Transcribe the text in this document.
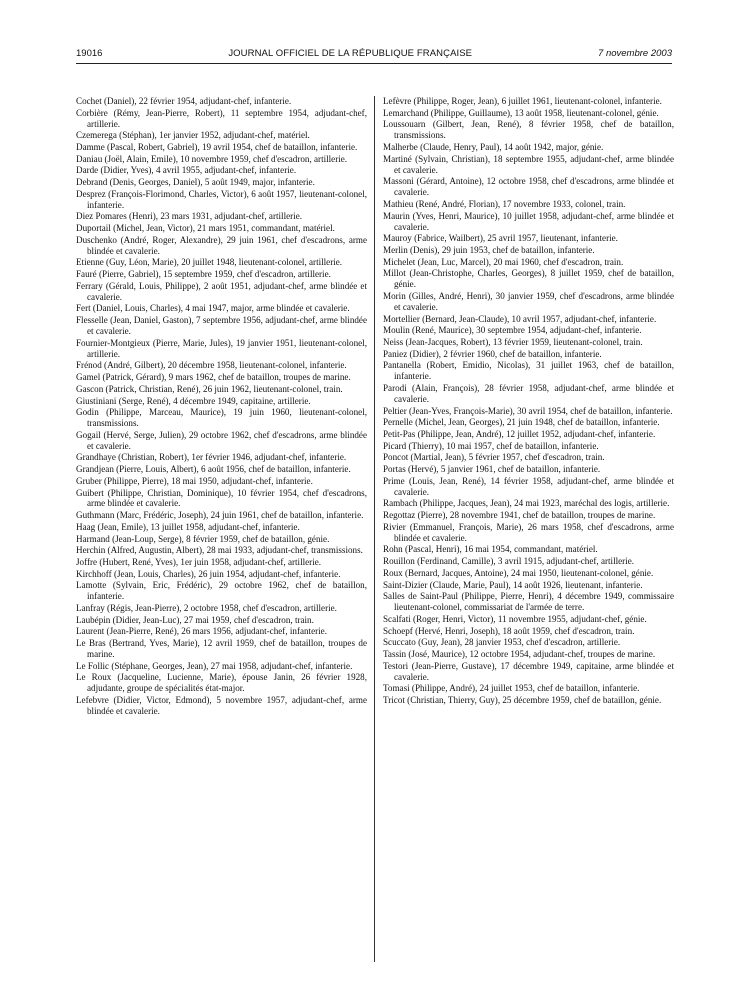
19016	JOURNAL OFFICIEL DE LA RÉPUBLIQUE FRANÇAISE	7 novembre 2003
Cochet (Daniel), 22 février 1954, adjudant-chef, infanterie.
Corbière (Rémy, Jean-Pierre, Robert), 11 septembre 1954, adjudant-chef, artillerie.
Czemerega (Stéphan), 1er janvier 1952, adjudant-chef, matériel.
Damme (Pascal, Robert, Gabriel), 19 avril 1954, chef de bataillon, infanterie.
Daniau (Joël, Alain, Emile), 10 novembre 1959, chef d'escadron, artillerie.
Darde (Didier, Yves), 4 avril 1955, adjudant-chef, infanterie.
Debrand (Denis, Georges, Daniel), 5 août 1949, major, infanterie.
Desprez (François-Florimond, Charles, Victor), 6 août 1957, lieutenant-colonel, infanterie.
Diez Pomares (Henri), 23 mars 1931, adjudant-chef, artillerie.
Duportail (Michel, Jean, Victor), 21 mars 1951, commandant, matériel.
Duschenko (André, Roger, Alexandre), 29 juin 1961, chef d'escadrons, arme blindée et cavalerie.
Etienne (Guy, Léon, Marie), 20 juillet 1948, lieutenant-colonel, artillerie.
Fauré (Pierre, Gabriel), 15 septembre 1959, chef d'escadron, artillerie.
Ferrary (Gérald, Louis, Philippe), 2 août 1951, adjudant-chef, arme blindée et cavalerie.
Fert (Daniel, Louis, Charles), 4 mai 1947, major, arme blindée et cavalerie.
Flesselle (Jean, Daniel, Gaston), 7 septembre 1956, adjudant-chef, arme blindée et cavalerie.
Fournier-Montgieux (Pierre, Marie, Jules), 19 janvier 1951, lieutenant-colonel, artillerie.
Frénod (André, Gilbert), 20 décembre 1958, lieutenant-colonel, infanterie.
Gamel (Patrick, Gérard), 9 mars 1962, chef de bataillon, troupes de marine.
Gascon (Patrick, Christian, René), 26 juin 1962, lieutenant-colonel, train.
Giustiniani (Serge, René), 4 décembre 1949, capitaine, artillerie.
Godin (Philippe, Marceau, Maurice), 19 juin 1960, lieutenant-colonel, transmissions.
Gogail (Hervé, Serge, Julien), 29 octobre 1962, chef d'escadrons, arme blindée et cavalerie.
Grandhaye (Christian, Robert), 1er février 1946, adjudant-chef, infanterie.
Grandjean (Pierre, Louis, Albert), 6 août 1956, chef de bataillon, infanterie.
Gruber (Philippe, Pierre), 18 mai 1950, adjudant-chef, infanterie.
Guibert (Philippe, Christian, Dominique), 10 février 1954, chef d'escadrons, arme blindée et cavalerie.
Guthmann (Marc, Frédéric, Joseph), 24 juin 1961, chef de bataillon, infanterie.
Haag (Jean, Emile), 13 juillet 1958, adjudant-chef, infanterie.
Harmand (Jean-Loup, Serge), 8 février 1959, chef de bataillon, génie.
Herchin (Alfred, Augustin, Albert), 28 mai 1933, adjudant-chef, transmissions.
Joffre (Hubert, René, Yves), 1er juin 1958, adjudant-chef, artillerie.
Kirchhoff (Jean, Louis, Charles), 26 juin 1954, adjudant-chef, infanterie.
Lamotte (Sylvain, Eric, Frédéric), 29 octobre 1962, chef de bataillon, infanterie.
Lanfray (Régis, Jean-Pierre), 2 octobre 1958, chef d'escadron, artillerie.
Laubépin (Didier, Jean-Luc), 27 mai 1959, chef d'escadron, train.
Laurent (Jean-Pierre, René), 26 mars 1956, adjudant-chef, infanterie.
Le Bras (Bertrand, Yves, Marie), 12 avril 1959, chef de bataillon, troupes de marine.
Le Follic (Stéphane, Georges, Jean), 27 mai 1958, adjudant-chef, infanterie.
Le Roux (Jacqueline, Lucienne, Marie), épouse Janin, 26 février 1928, adjudante, groupe de spécialités état-major.
Lefebvre (Didier, Victor, Edmond), 5 novembre 1957, adjudant-chef, arme blindée et cavalerie.
Lefèvre (Philippe, Roger, Jean), 6 juillet 1961, lieutenant-colonel, infanterie.
Lemarchand (Philippe, Guillaume), 13 août 1958, lieutenant-colonel, génie.
Loussouarn (Gilbert, Jean, René), 8 février 1958, chef de bataillon, transmissions.
Malherbe (Claude, Henry, Paul), 14 août 1942, major, génie.
Martiné (Sylvain, Christian), 18 septembre 1955, adjudant-chef, arme blindée et cavalerie.
Massoni (Gérard, Antoine), 12 octobre 1958, chef d'escadrons, arme blindée et cavalerie.
Mathieu (René, André, Florian), 17 novembre 1933, colonel, train.
Maurin (Yves, Henri, Maurice), 10 juillet 1958, adjudant-chef, arme blindée et cavalerie.
Mauroy (Fabrice, Wailbert), 25 avril 1957, lieutenant, infanterie.
Merlin (Denis), 29 juin 1953, chef de bataillon, infanterie.
Michelet (Jean, Luc, Marcel), 20 mai 1960, chef d'escadron, train.
Millot (Jean-Christophe, Charles, Georges), 8 juillet 1959, chef de bataillon, génie.
Morin (Gilles, André, Henri), 30 janvier 1959, chef d'escadrons, arme blindée et cavalerie.
Mortellier (Bernard, Jean-Claude), 10 avril 1957, adjudant-chef, infanterie.
Moulin (René, Maurice), 30 septembre 1954, adjudant-chef, infanterie.
Neiss (Jean-Jacques, Robert), 13 février 1959, lieutenant-colonel, train.
Paniez (Didier), 2 février 1960, chef de bataillon, infanterie.
Pantanella (Robert, Emidio, Nicolas), 31 juillet 1963, chef de bataillon, infanterie.
Parodi (Alain, François), 28 février 1958, adjudant-chef, arme blindée et cavalerie.
Peltier (Jean-Yves, François-Marie), 30 avril 1954, chef de bataillon, infanterie.
Pernelle (Michel, Jean, Georges), 21 juin 1948, chef de bataillon, infanterie.
Petit-Pas (Philippe, Jean, André), 12 juillet 1952, adjudant-chef, infanterie.
Picard (Thierry), 10 mai 1957, chef de bataillon, infanterie.
Poncot (Martial, Jean), 5 février 1957, chef d'escadron, train.
Portas (Hervé), 5 janvier 1961, chef de bataillon, infanterie.
Prime (Louis, Jean, René), 14 février 1958, adjudant-chef, arme blindée et cavalerie.
Rambach (Philippe, Jacques, Jean), 24 mai 1923, maréchal des logis, artillerie.
Regottaz (Pierre), 28 novembre 1941, chef de bataillon, troupes de marine.
Rivier (Emmanuel, François, Marie), 26 mars 1958, chef d'escadrons, arme blindée et cavalerie.
Rohn (Pascal, Henri), 16 mai 1954, commandant, matériel.
Rouillon (Ferdinand, Camille), 3 avril 1915, adjudant-chef, artillerie.
Roux (Bernard, Jacques, Antoine), 24 mai 1950, lieutenant-colonel, génie.
Saint-Dizier (Claude, Marie, Paul), 14 août 1926, lieutenant, infanterie.
Salles de Saint-Paul (Philippe, Pierre, Henri), 4 décembre 1949, commissaire lieutenant-colonel, commissariat de l'armée de terre.
Scalfati (Roger, Henri, Victor), 11 novembre 1955, adjudant-chef, génie.
Schoepf (Hervé, Henri, Joseph), 18 août 1959, chef d'escadron, train.
Scuccato (Guy, Jean), 28 janvier 1953, chef d'escadron, artillerie.
Tassin (José, Maurice), 12 octobre 1954, adjudant-chef, troupes de marine.
Testori (Jean-Pierre, Gustave), 17 décembre 1949, capitaine, arme blindée et cavalerie.
Tomasi (Philippe, André), 24 juillet 1953, chef de bataillon, infanterie.
Tricot (Christian, Thierry, Guy), 25 décembre 1959, chef de bataillon, génie.
